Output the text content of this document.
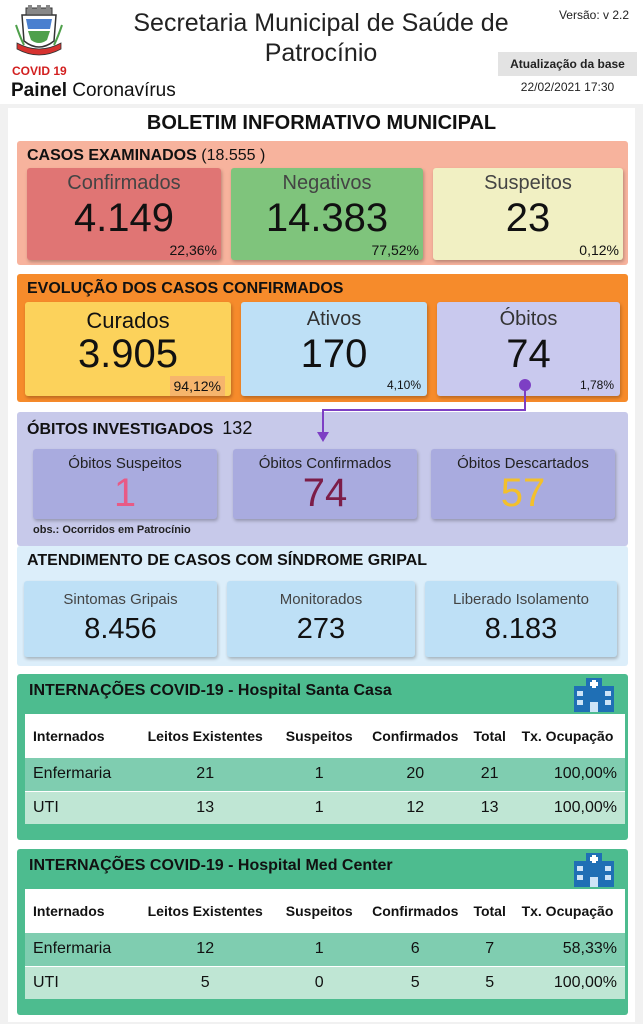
COVID 19
Painel Coronavírus
Secretaria Municipal de Saúde de Patrocínio
Versão: v 2.2
Atualização da base
22/02/2021 17:30
BOLETIM INFORMATIVO MUNICIPAL
CASOS EXAMINADOS (18.555 )
Confirmados
4.149
22,36%
Negativos
14.383
77,52%
Suspeitos
23
0,12%
EVOLUÇÃO DOS CASOS CONFIRMADOS
Curados
3.905
94,12%
Ativos
170
4,10%
Óbitos
74
1,78%
ÓBITOS INVESTIGADOS 132
Óbitos Suspeitos
1
Óbitos Confirmados
74
Óbitos Descartados
57
obs.: Ocorridos em Patrocínio
ATENDIMENTO DE CASOS COM SÍNDROME GRIPAL
Sintomas Gripais
8.456
Monitorados
273
Liberado Isolamento
8.183
INTERNAÇÕES COVID-19 - Hospital Santa Casa
Internados	Leitos Existentes	Suspeitos	Confirmados	Total	Tx. Ocupação
Enfermaria	21	1	20	21	100,00%
UTI	13	1	12	13	100,00%
INTERNAÇÕES COVID-19 - Hospital Med Center
Internados	Leitos Existentes	Suspeitos	Confirmados	Total	Tx. Ocupação
Enfermaria	12	1	6	7	58,33%
UTI	5	0	5	5	100,00%
